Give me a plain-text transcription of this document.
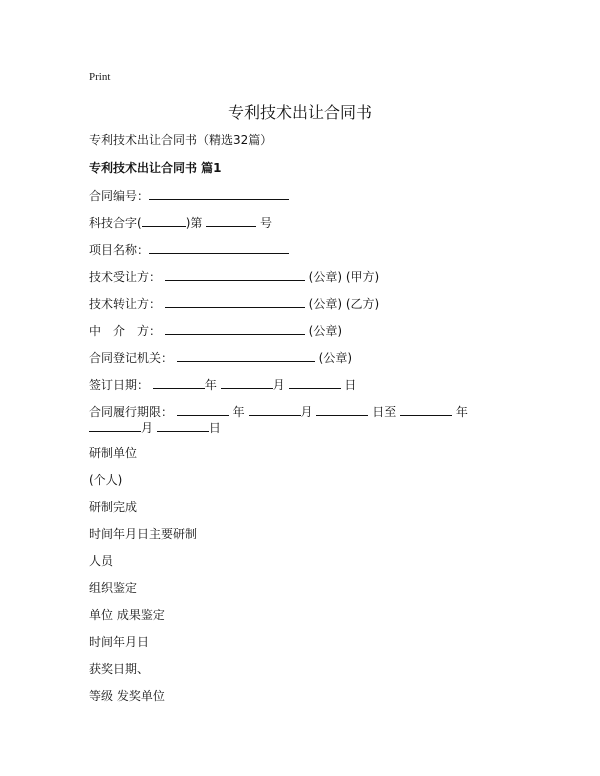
Print
专利技术出让合同书
专利技术出让合同书（精选32篇）
专利技术出让合同书 篇1
合同编号：
科技合字(	)第	号
项目名称：
技术受让方：	(公章) (甲方)
技术转让方：	(公章) (乙方)
中　介　方：	(公章)
合同登记机关：	(公章)
签订日期：	年	月	日
合同履行期限：	年	月	日至	年
月	日
研制单位
(个人)
研制完成
时间年月日主要研制
人员
组织鉴定
单位 成果鉴定
时间年月日
获奖日期、
等级 发奖单位
